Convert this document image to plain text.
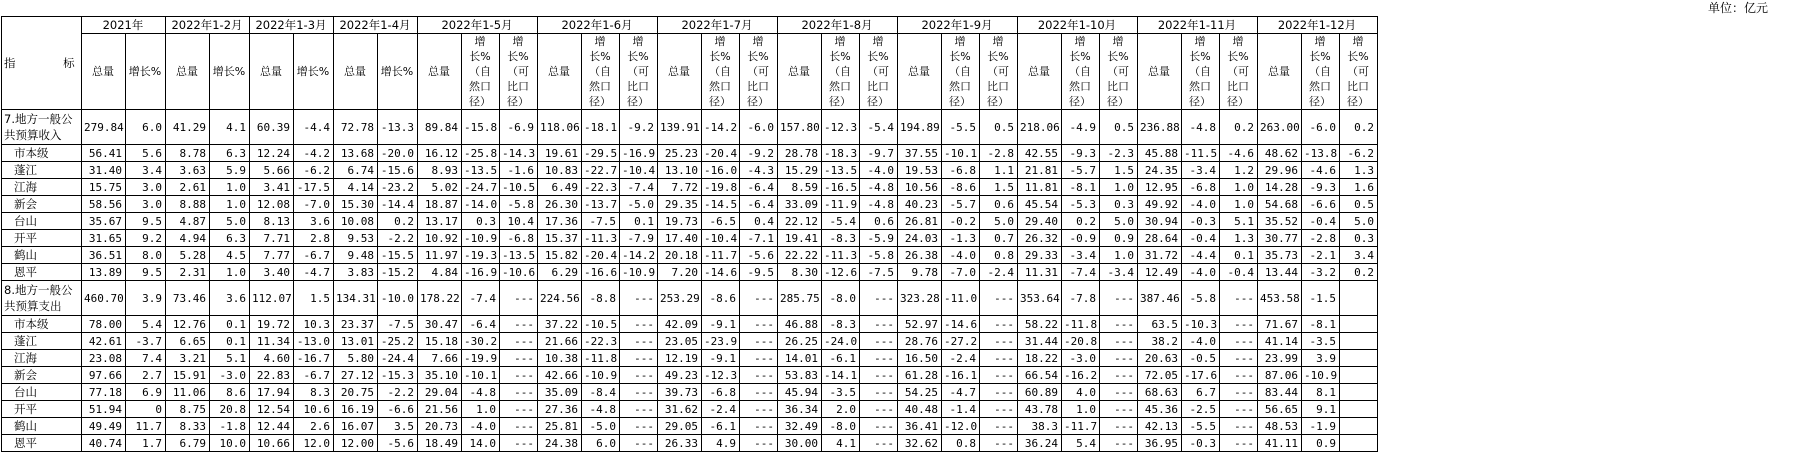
单位：亿元
指 标	2021年		2022年1-2月		2022年1-3月		2022年1-4月		2022年1-5月			2022年1-6月			2022年1-7月			2022年1-8月			2022年1-9月			2022年1-10月			2022年1-11月			2022年1-12月		
	总量	增长%	总量	增长%	总量	增长%	总量	增长%	总量	增长%（自然口径）	增长%（可比口径）	总量	增长%（自然口径）	增长%（可比口径）	总量	增长%（自然口径）	增长%（可比口径）	总量	增长%（自然口径）	增长%（可比口径）	总量	增长%（自然口径）	增长%（可比口径）	总量	增长%（自然口径）	增长%（可比口径）	总量	增长%（自然口径）	增长%（可比口径）	总量	增长%（自然口径）	增长%（可比口径）
7.地方一般公共预算收入	279.84	6.0	41.29	4.1	60.39	-4.4	72.78	-13.3	89.84	-15.8	-6.9	118.06	-18.1	-9.2	139.91	-14.2	-6.0	157.80	-12.3	-5.4	194.89	-5.5	0.5	218.06	-4.9	0.5	236.88	-4.8	0.2	263.00	-6.0	0.2
市本级	56.41	5.6	8.78	6.3	12.24	-4.2	13.68	-20.0	16.12	-25.8	-14.3	19.61	-29.5	-16.9	25.23	-20.4	-9.2	28.78	-18.3	-9.7	37.55	-10.1	-2.8	42.55	-9.3	-2.3	45.88	-11.5	-4.6	48.62	-13.8	-6.2
蓬江	31.40	3.4	3.63	5.9	5.66	-6.2	6.74	-15.6	8.93	-13.5	-1.6	10.83	-22.7	-10.4	13.10	-16.0	-4.3	15.29	-13.5	-4.0	19.53	-6.8	1.1	21.81	-5.7	1.5	24.35	-3.4	1.2	29.96	-4.6	1.3
江海	15.75	3.0	2.61	1.0	3.41	-17.5	4.14	-23.2	5.02	-24.7	-10.5	6.49	-22.3	-7.4	7.72	-19.8	-6.4	8.59	-16.5	-4.8	10.56	-8.6	1.5	11.81	-8.1	1.0	12.95	-6.8	1.0	14.28	-9.3	1.6
新会	58.56	3.0	8.88	1.0	12.08	-7.0	15.30	-14.4	18.87	-14.0	-5.8	26.30	-13.7	-5.0	29.35	-14.5	-6.4	33.09	-11.9	-4.8	40.23	-5.7	0.6	45.54	-5.3	0.3	49.92	-4.0	1.0	54.68	-6.6	0.5
台山	35.67	9.5	4.87	5.0	8.13	3.6	10.08	0.2	13.17	0.3	10.4	17.36	-7.5	0.1	19.73	-6.5	0.4	22.12	-5.4	0.6	26.81	-0.2	5.0	29.40	0.2	5.0	30.94	-0.3	5.1	35.52	-0.4	5.0
开平	31.65	9.2	4.94	6.3	7.71	2.8	9.53	-2.2	10.92	-10.9	-6.8	15.37	-11.3	-7.9	17.40	-10.4	-7.1	19.41	-8.3	-5.9	24.03	-1.3	0.7	26.32	-0.9	0.9	28.64	-0.4	1.3	30.77	-2.8	0.3
鹤山	36.51	8.0	5.28	4.5	7.77	-6.7	9.48	-15.5	11.97	-19.3	-13.5	15.82	-20.4	-14.2	20.18	-11.7	-5.6	22.22	-11.3	-5.8	26.38	-4.0	0.8	29.33	-3.4	1.0	31.72	-4.4	0.1	35.73	-2.1	3.4
恩平	13.89	9.5	2.31	1.0	3.40	-4.7	3.83	-15.2	4.84	-16.9	-10.6	6.29	-16.6	-10.9	7.20	-14.6	-9.5	8.30	-12.6	-7.5	9.78	-7.0	-2.4	11.31	-7.4	-3.4	12.49	-4.0	-0.4	13.44	-3.2	0.2
8.地方一般公共预算支出	460.70	3.9	73.46	3.6	112.07	1.5	134.31	-10.0	178.22	-7.4	---	224.56	-8.8	---	253.29	-8.6	---	285.75	-8.0	---	323.28	-11.0	---	353.64	-7.8	---	387.46	-5.8	---	453.58	-1.5	
市本级	78.00	5.4	12.76	0.1	19.72	10.3	23.37	-7.5	30.47	-6.4	---	37.22	-10.5	---	42.09	-9.1	---	46.88	-8.3	---	52.97	-14.6	---	58.22	-11.8	---	63.5	-10.3	---	71.67	-8.1	
蓬江	42.61	-3.7	6.65	0.1	11.34	-13.0	13.01	-25.2	15.18	-30.2	---	21.66	-22.3	---	23.05	-23.9	---	26.25	-24.0	---	28.76	-27.2	---	31.44	-20.8	---	38.2	-4.0	---	41.14	-3.5	
江海	23.08	7.4	3.21	5.1	4.60	-16.7	5.80	-24.4	7.66	-19.9	---	10.38	-11.8	---	12.19	-9.1	---	14.01	-6.1	---	16.50	-2.4	---	18.22	-3.0	---	20.63	-0.5	---	23.99	3.9	
新会	97.66	2.7	15.91	-3.0	22.83	-6.7	27.12	-15.3	35.10	-10.1	---	42.66	-10.9	---	49.23	-12.3	---	53.83	-14.1	---	61.28	-16.1	---	66.54	-16.2	---	72.05	-17.6	---	87.06	-10.9	
台山	77.18	6.9	11.06	8.6	17.94	8.3	20.75	-2.2	29.04	-4.8	---	35.09	-8.4	---	39.73	-6.8	---	45.94	-3.5	---	54.25	-4.7	---	60.89	4.0	---	68.63	6.7	---	83.44	8.1	
开平	51.94	0	8.75	20.8	12.54	10.6	16.19	-6.6	21.56	1.0	---	27.36	-4.8	---	31.62	-2.4	---	36.34	2.0	---	40.48	-1.4	---	43.78	1.0	---	45.36	-2.5	---	56.65	9.1	
鹤山	49.49	11.7	8.33	-1.8	12.44	2.6	16.07	3.5	20.73	-4.0	---	25.81	-5.0	---	29.05	-6.1	---	32.49	-8.0	---	36.41	-12.0	---	38.3	-11.7	---	42.13	-5.5	---	48.53	-1.9	
恩平	40.74	1.7	6.79	10.0	10.66	12.0	12.00	-5.6	18.49	14.0	---	24.38	6.0	---	26.33	4.9	---	30.00	4.1	---	32.62	0.8	---	36.24	5.4	---	36.95	-0.3	---	41.11	0.9	
